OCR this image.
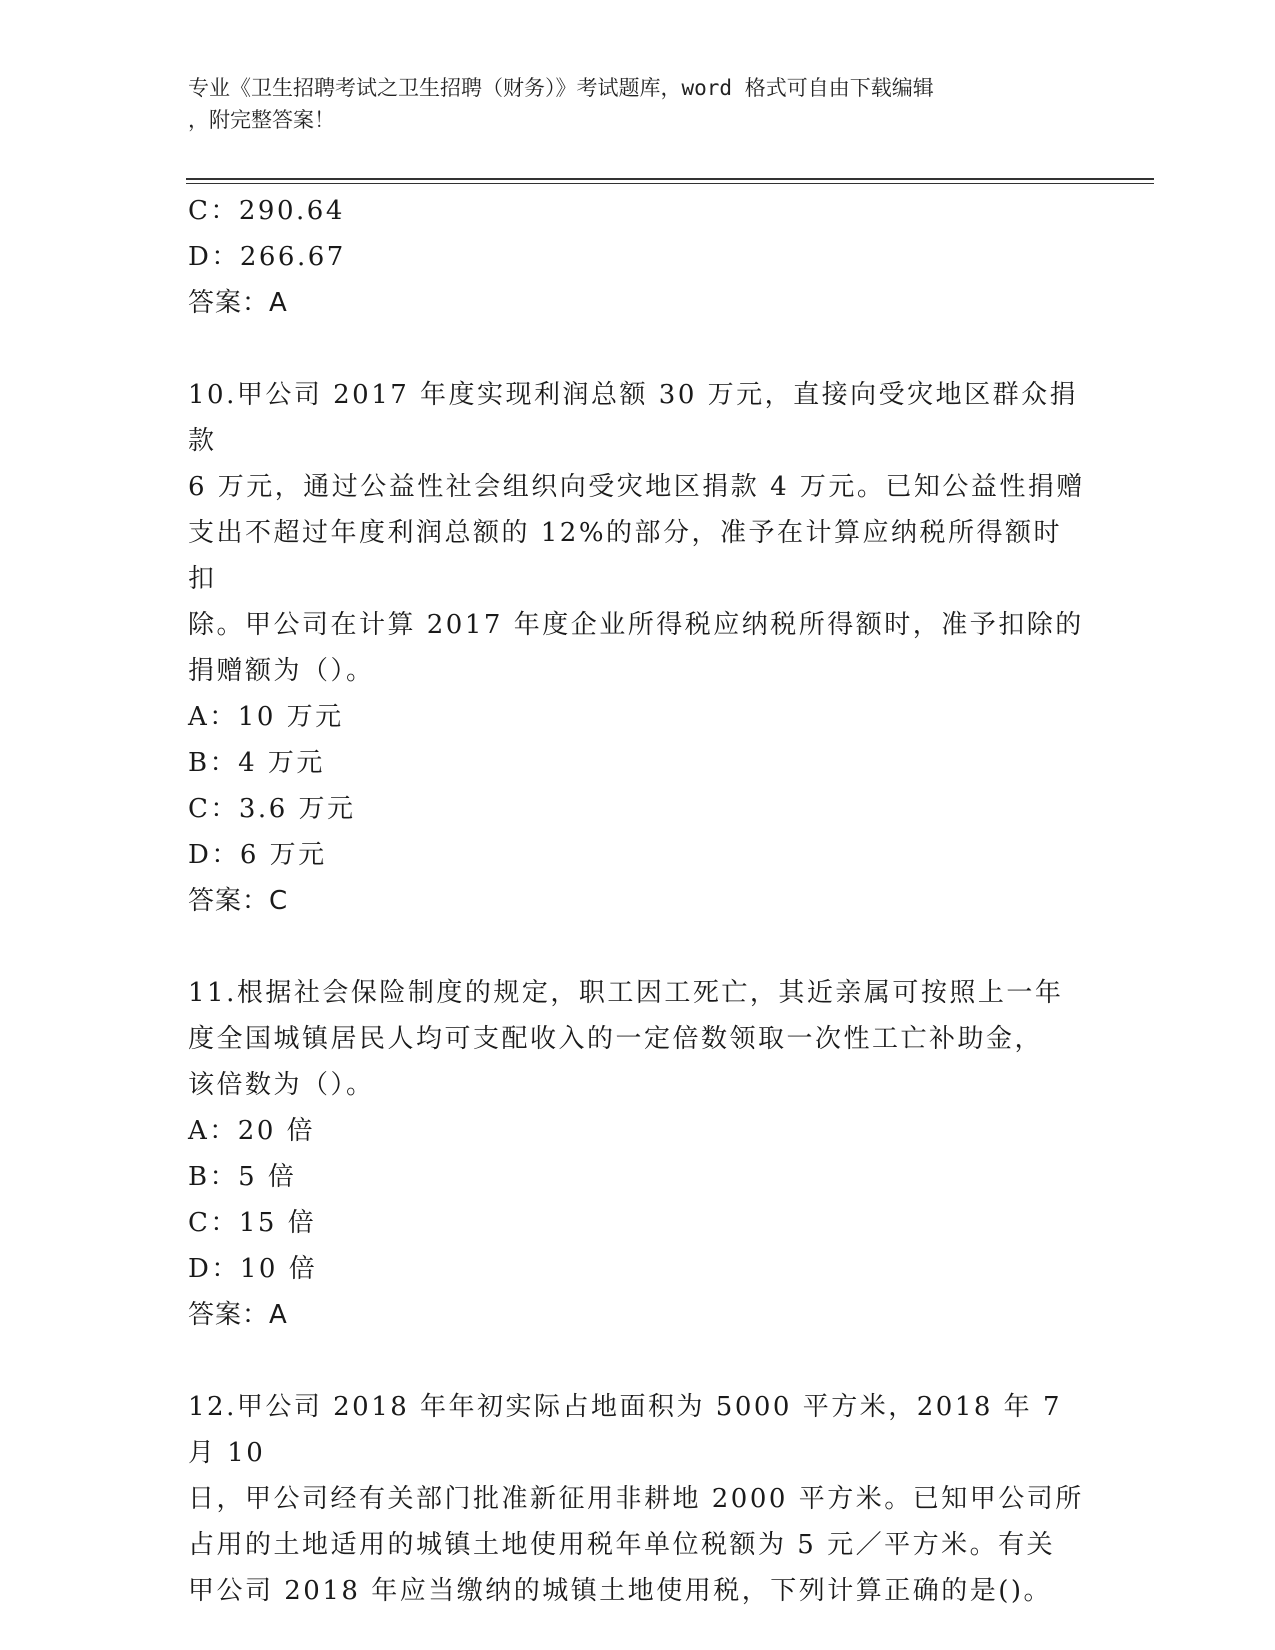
专业《卫生招聘考试之卫生招聘（财务）》考试题库，word 格式可自由下载编辑
，附完整答案！
C：290.64
D：266.67
答案：A
10.甲公司 2017 年度实现利润总额 30 万元，直接向受灾地区群众捐款
6 万元，通过公益性社会组织向受灾地区捐款 4 万元。已知公益性捐赠
支出不超过年度利润总额的 12%的部分，准予在计算应纳税所得额时扣
除。甲公司在计算 2017 年度企业所得税应纳税所得额时，准予扣除的
捐赠额为（）。
A：10 万元
B：4 万元
C：3.6 万元
D：6 万元
答案：C
11.根据社会保险制度的规定，职工因工死亡，其近亲属可按照上一年
度全国城镇居民人均可支配收入的一定倍数领取一次性工亡补助金，
该倍数为（）。
A：20 倍
B：5 倍
C：15 倍
D：10 倍
答案：A
12.甲公司 2018 年年初实际占地面积为 5000 平方米，2018 年 7 月 10
日，甲公司经有关部门批准新征用非耕地 2000 平方米。已知甲公司所
占用的土地适用的城镇土地使用税年单位税额为 5 元／平方米。有关
甲公司 2018 年应当缴纳的城镇土地使用税，下列计算正确的是()。
